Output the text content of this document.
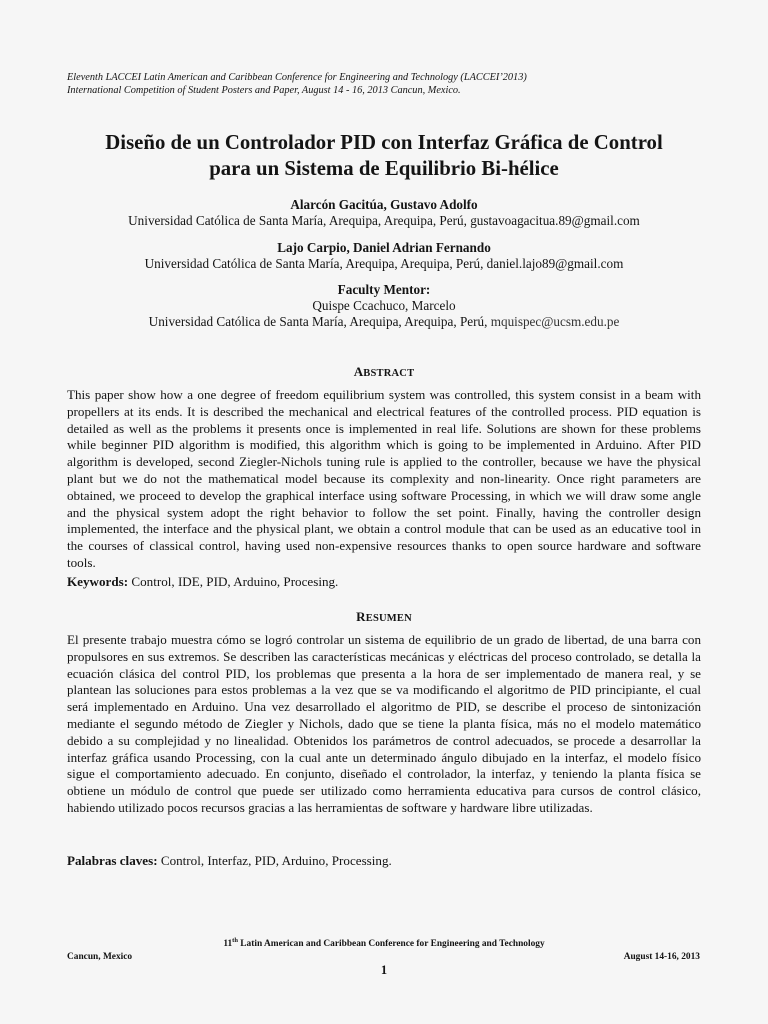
Eleventh LACCEI Latin American and Caribbean Conference for Engineering and Technology (LACCEI’2013)
International Competition of Student Posters and Paper, August 14 - 16, 2013 Cancun, Mexico.
Diseño de un Controlador PID con Interfaz Gráfica de Control
para un Sistema de Equilibrio Bi-hélice
Alarcón Gacitúa, Gustavo Adolfo
Universidad Católica de Santa María, Arequipa, Arequipa, Perú, gustavoagacitua.89@gmail.com
Lajo Carpio, Daniel Adrian Fernando
Universidad Católica de Santa María, Arequipa, Arequipa, Perú, daniel.lajo89@gmail.com
Faculty Mentor:
Quispe Ccachuco, Marcelo
Universidad Católica de Santa María, Arequipa, Arequipa, Perú, mquispec@ucsm.edu.pe
ABSTRACT
This paper show how a one degree of freedom equilibrium system was controlled, this system consist in a beam with propellers at its ends. It is described the mechanical and electrical features of the controlled process. PID equation is detailed as well as the problems it presents once is implemented in real life. Solutions are shown for these problems while beginner PID algorithm is modified, this algorithm which is going to be implemented in Arduino. After PID algorithm is developed, second Ziegler-Nichols tuning rule is applied to the controller, because we have the physical plant but we do not the mathematical model because its complexity and non-linearity. Once right parameters are obtained, we proceed to develop the graphical interface using software Processing, in which we will draw some angle and the physical system adopt the right behavior to follow the set point. Finally, having the controller design implemented, the interface and the physical plant, we obtain a control module that can be used as an educative tool in the courses of classical control, having used non-expensive resources thanks to open source hardware and software tools.
Keywords: Control, IDE, PID, Arduino, Procesing.
RESUMEN
El presente trabajo muestra cómo se logró controlar un sistema de equilibrio de un grado de libertad, de una barra con propulsores en sus extremos. Se describen las características mecánicas y eléctricas del proceso controlado, se detalla la ecuación clásica del control PID, los problemas que presenta a la hora de ser implementado de manera real, y se plantean las soluciones para estos problemas a la vez que se va modificando el algoritmo de PID principiante, el cual será implementado en Arduino. Una vez desarrollado el algoritmo de PID, se describe el proceso de sintonización mediante el segundo método de Ziegler y Nichols, dado que se tiene la planta física, más no el modelo matemático debido a su complejidad y no linealidad. Obtenidos los parámetros de control adecuados, se procede a desarrollar la interfaz gráfica usando Processing, con la cual ante un determinado ángulo dibujado en la interfaz, el modelo físico sigue el comportamiento adecuado. En conjunto, diseñado el controlador, la interfaz, y teniendo la planta física se obtiene un módulo de control que puede ser utilizado como herramienta educativa para cursos de control clásico, habiendo utilizado pocos recursos gracias a las herramientas de software y hardware libre utilizadas.
Palabras claves: Control, Interfaz, PID, Arduino, Processing.
11th Latin American and Caribbean Conference for Engineering and Technology
Cancun, Mexico	August 14-16, 2013
1
